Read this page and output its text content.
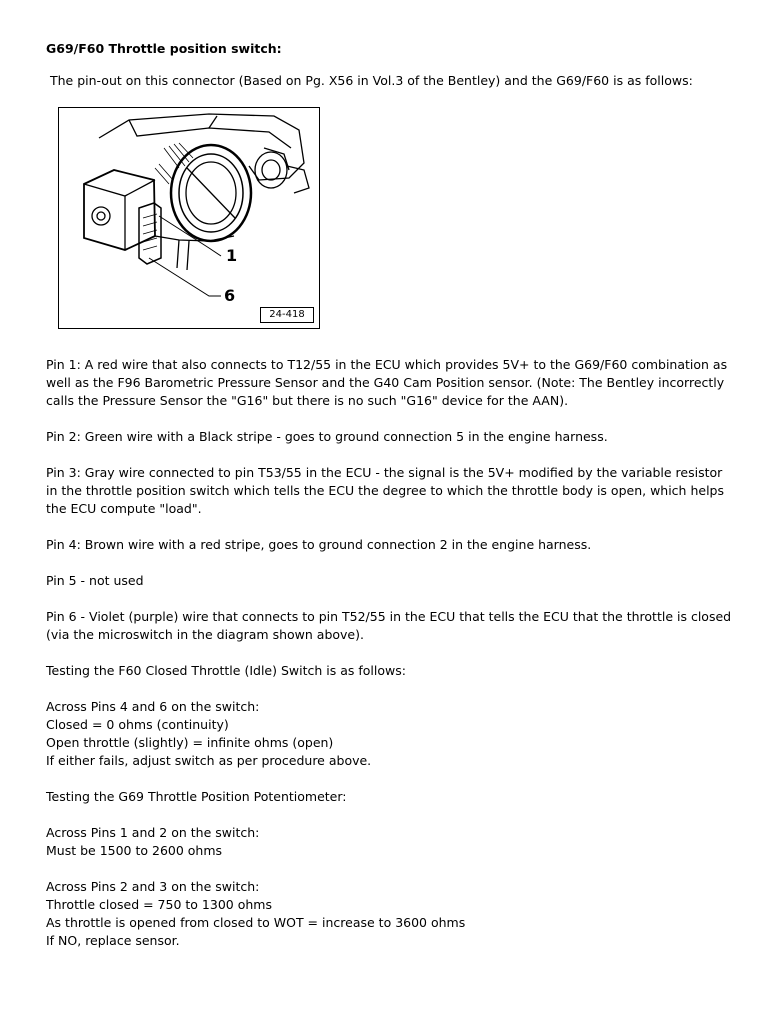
G69/F60 Throttle position switch:
The pin-out on this connector (Based on Pg. X56 in Vol.3 of the Bentley) and the G69/F60 is as follows:
1
6
24-418

Pin 1: A red wire that also connects to T12/55 in the ECU which provides 5V+ to the G69/F60 combination as well as the F96 Barometric Pressure Sensor and the G40 Cam Position sensor. (Note: The Bentley incorrectly calls the Pressure Sensor the "G16" but there is no such "G16" device for the AAN).

Pin 2: Green wire with a Black stripe - goes to ground connection 5 in the engine harness.

Pin 3: Gray wire connected to pin T53/55 in the ECU - the signal is the 5V+ modified by the variable resistor in the throttle position switch which tells the ECU the degree to which the throttle body is open, which helps the ECU compute "load".

Pin 4: Brown wire with a red stripe, goes to ground connection 2 in the engine harness.

Pin 5 - not used

Pin 6 - Violet (purple) wire that connects to pin T52/55 in the ECU that tells the ECU that the throttle is closed (via the microswitch in the diagram shown above).

Testing the F60 Closed Throttle (Idle) Switch is as follows:

Across Pins 4 and 6 on the switch:
Closed = 0 ohms (continuity)
Open throttle (slightly) = infinite ohms (open)
If either fails, adjust switch as per procedure above.

Testing the G69 Throttle Position Potentiometer:

Across Pins 1 and 2 on the switch:
Must be 1500 to 2600 ohms
Across Pins 2 and 3 on the switch:
Throttle closed = 750 to 1300 ohms
As throttle is opened from closed to WOT = increase to 3600 ohms
If NO, replace sensor.
